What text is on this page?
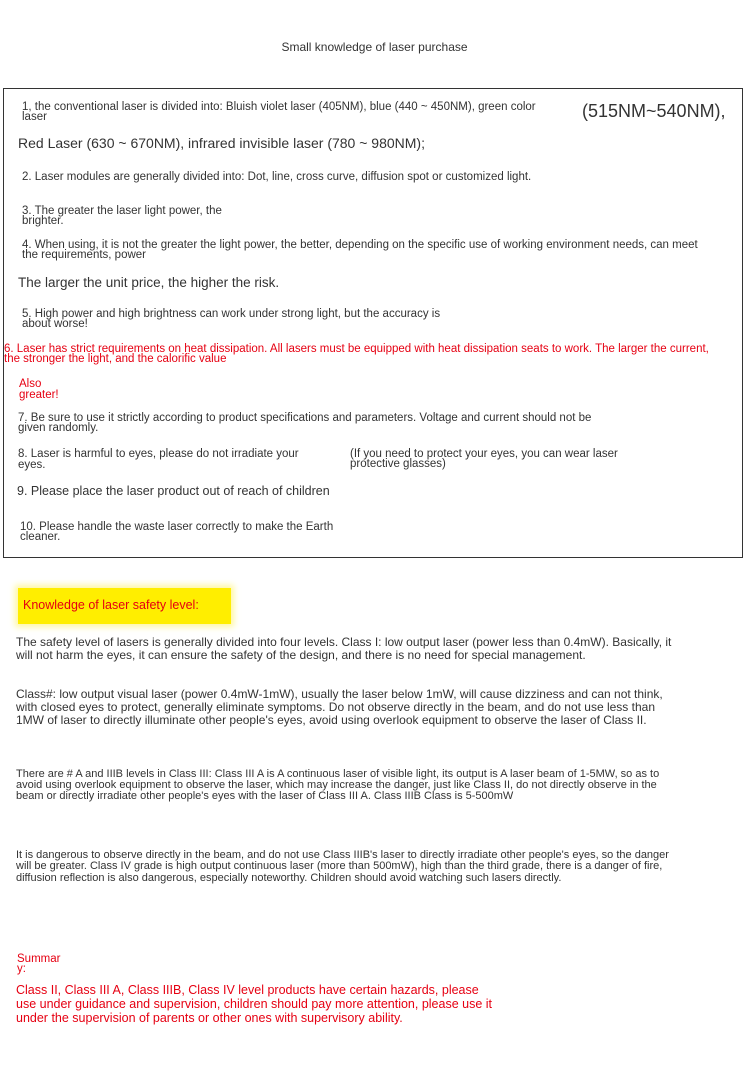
Small knowledge of laser purchase
1, the conventional laser is divided into: Bluish violet laser (405NM), blue (440 ~ 450NM), green color
laser	(515NM~540NM),
Red Laser (630 ~ 670NM), infrared invisible laser (780 ~ 980NM);
2. Laser modules are generally divided into: Dot, line, cross curve, diffusion spot or customized light.
3. The greater the laser light power, the
brighter.
4. When using, it is not the greater the light power, the better, depending on the specific use of working environment needs, can meet
the requirements, power
The larger the unit price, the higher the risk.
5. High power and high brightness can work under strong light, but the accuracy is
about worse!
6. Laser has strict requirements on heat dissipation. All lasers must be equipped with heat dissipation seats to work. The larger the current,
the stronger the light, and the calorific value
Also
greater!
7. Be sure to use it strictly according to product specifications and parameters. Voltage and current should not be
given randomly.
8. Laser is harmful to eyes, please do not irradiate your
eyes.
(If you need to protect your eyes, you can wear laser
protective glasses)
9. Please place the laser product out of reach of children
10. Please handle the waste laser correctly to make the Earth
cleaner.
Knowledge of laser safety level:
The safety level of lasers is generally divided into four levels. Class I: low output laser (power less than 0.4mW). Basically, it
will not harm the eyes, it can ensure the safety of the design, and there is no need for special management.
Class#: low output visual laser (power 0.4mW-1mW), usually the laser below 1mW, will cause dizziness and can not think,
with closed eyes to protect, generally eliminate symptoms. Do not observe directly in the beam, and do not use less than
1MW of laser to directly illuminate other people's eyes, avoid using overlook equipment to observe the laser of Class II.
There are # A and IIIB levels in Class III: Class III A is A continuous laser of visible light, its output is A laser beam of 1-5MW, so as to
avoid using overlook equipment to observe the laser, which may increase the danger, just like Class II, do not directly observe in the
beam or directly irradiate other people's eyes with the laser of Class III A. Class IIIB Class is 5-500mW
It is dangerous to observe directly in the beam, and do not use Class IIIB's laser to directly irradiate other people's eyes, so the danger
will be greater. Class IV grade is high output continuous laser (more than 500mW), high than the third grade, there is a danger of fire,
diffusion reflection is also dangerous, especially noteworthy. Children should avoid watching such lasers directly.
Summar
y:
Class II, Class III A, Class IIIB, Class IV level products have certain hazards, please
use under guidance and supervision, children should pay more attention, please use it
under the supervision of parents or other ones with supervisory ability.
